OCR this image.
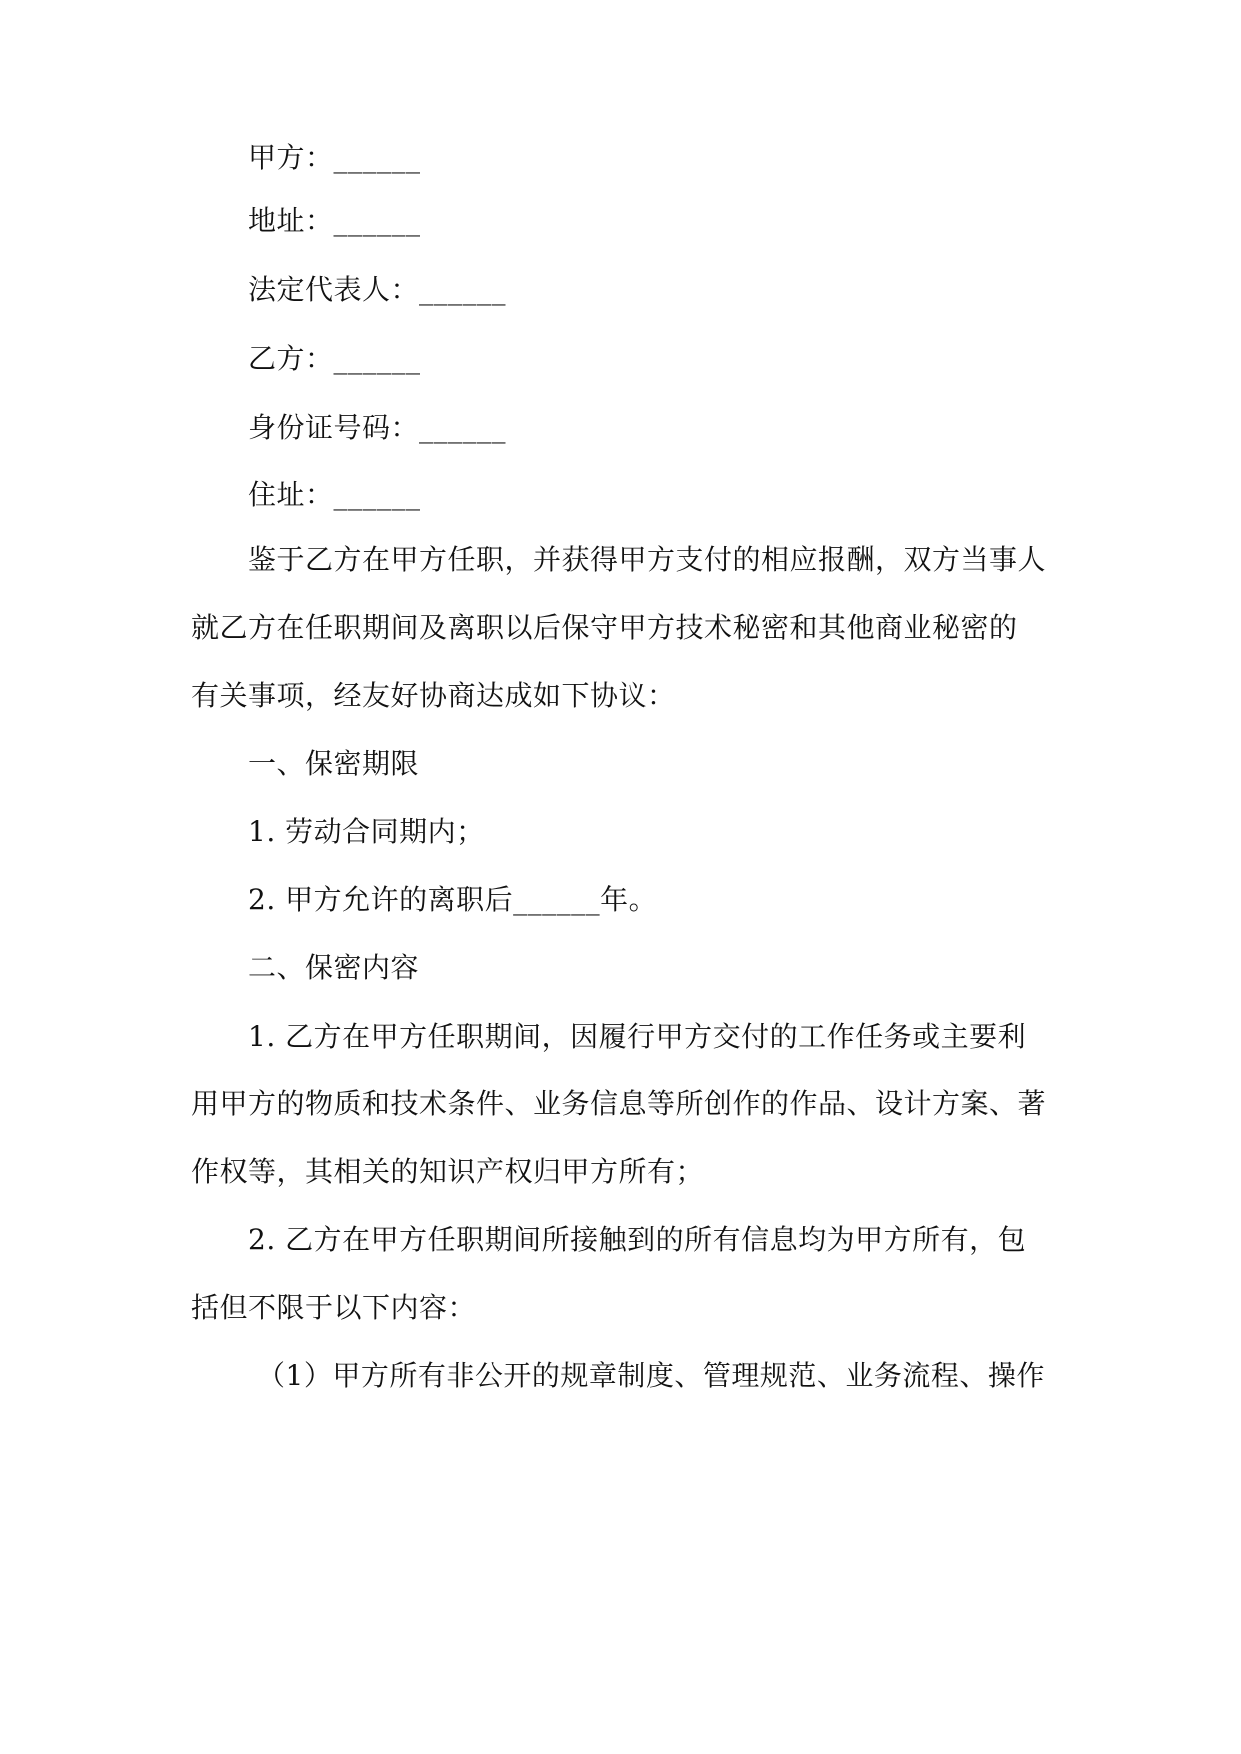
甲方：______
地址：______
法定代表人：______
乙方：______
身份证号码：______
住址：______
鉴于乙方在甲方任职，并获得甲方支付的相应报酬，双方当事人
就乙方在任职期间及离职以后保守甲方技术秘密和其他商业秘密的
有关事项，经友好协商达成如下协议：
一、保密期限
1. 劳动合同期内；
2. 甲方允许的离职后______年。
二、保密内容
1. 乙方在甲方任职期间，因履行甲方交付的工作任务或主要利
用甲方的物质和技术条件、业务信息等所创作的作品、设计方案、著
作权等，其相关的知识产权归甲方所有；
2. 乙方在甲方任职期间所接触到的所有信息均为甲方所有，包
括但不限于以下内容：
（1）甲方所有非公开的规章制度、管理规范、业务流程、操作
